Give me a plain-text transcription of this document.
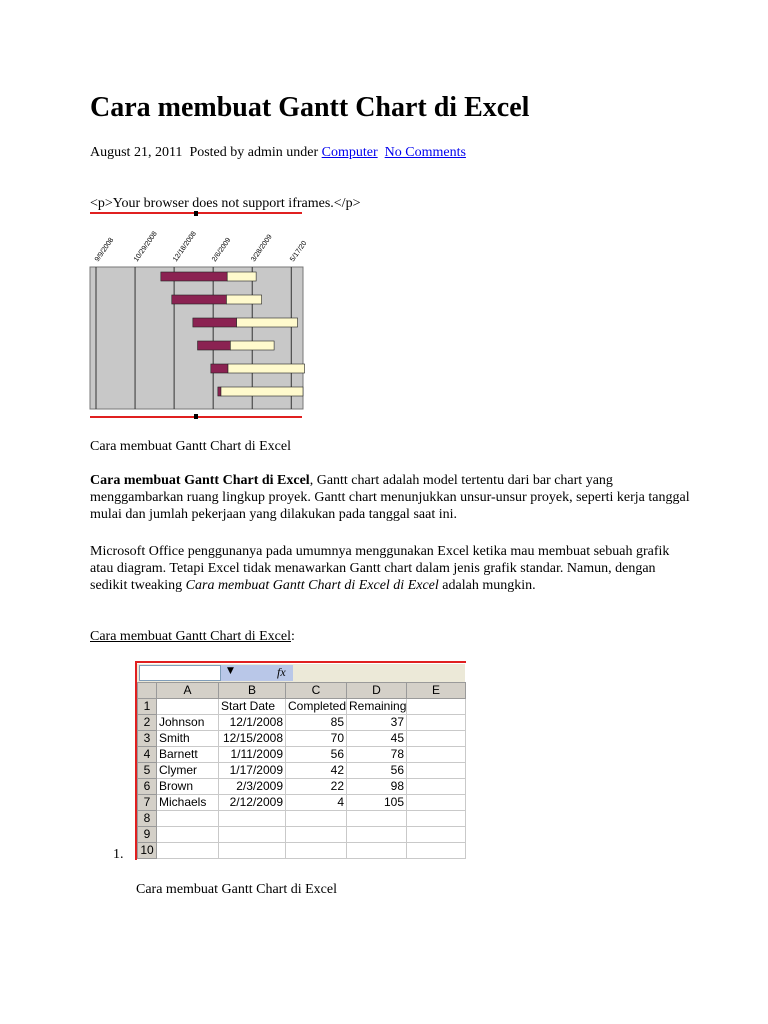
Cara membuat Gantt Chart di Excel
August 21, 2011 Posted by admin under Computer No Comments
<p>Your browser does not support iframes.</p>
9/9/2008	10/29/2008 12/18/2008 2/6/2009	3/28/2009 5/17/20
Cara membuat Gantt Chart di Excel

Cara membuat Gantt Chart di Excel, Gantt chart adalah model tertentu dari bar chart yang menggambarkan ruang lingkup proyek. Gantt chart menunjukkan unsur-unsur proyek, seperti kerja tanggal mulai dan jumlah pekerjaan yang dilakukan pada tanggal saat ini.

Microsoft Office penggunanya pada umumnya menggunakan Excel ketika mau membuat sebuah grafik atau diagram. Tetapi Excel tidak menawarkan Gantt chart dalam jenis grafik standar. Namun, dengan sedikit tweaking Cara membuat Gantt Chart di Excel di Excel adalah mungkin.

Cara membuat Gantt Chart di Excel:
▼	fx
	A	B	C	D	E
1		Start Date	Completed	Remaining	
2	Johnson	12/1/2008	85	37	
3	Smith	12/15/2008	70	45	
4	Barnett	1/11/2009	56	78	
5	Clymer	1/17/2009	42	56	
6	Brown	2/3/2009	22	98	
7	Michaels	2/12/2009	4	105	
8					
9					
10					
1.
Cara membuat Gantt Chart di Excel
